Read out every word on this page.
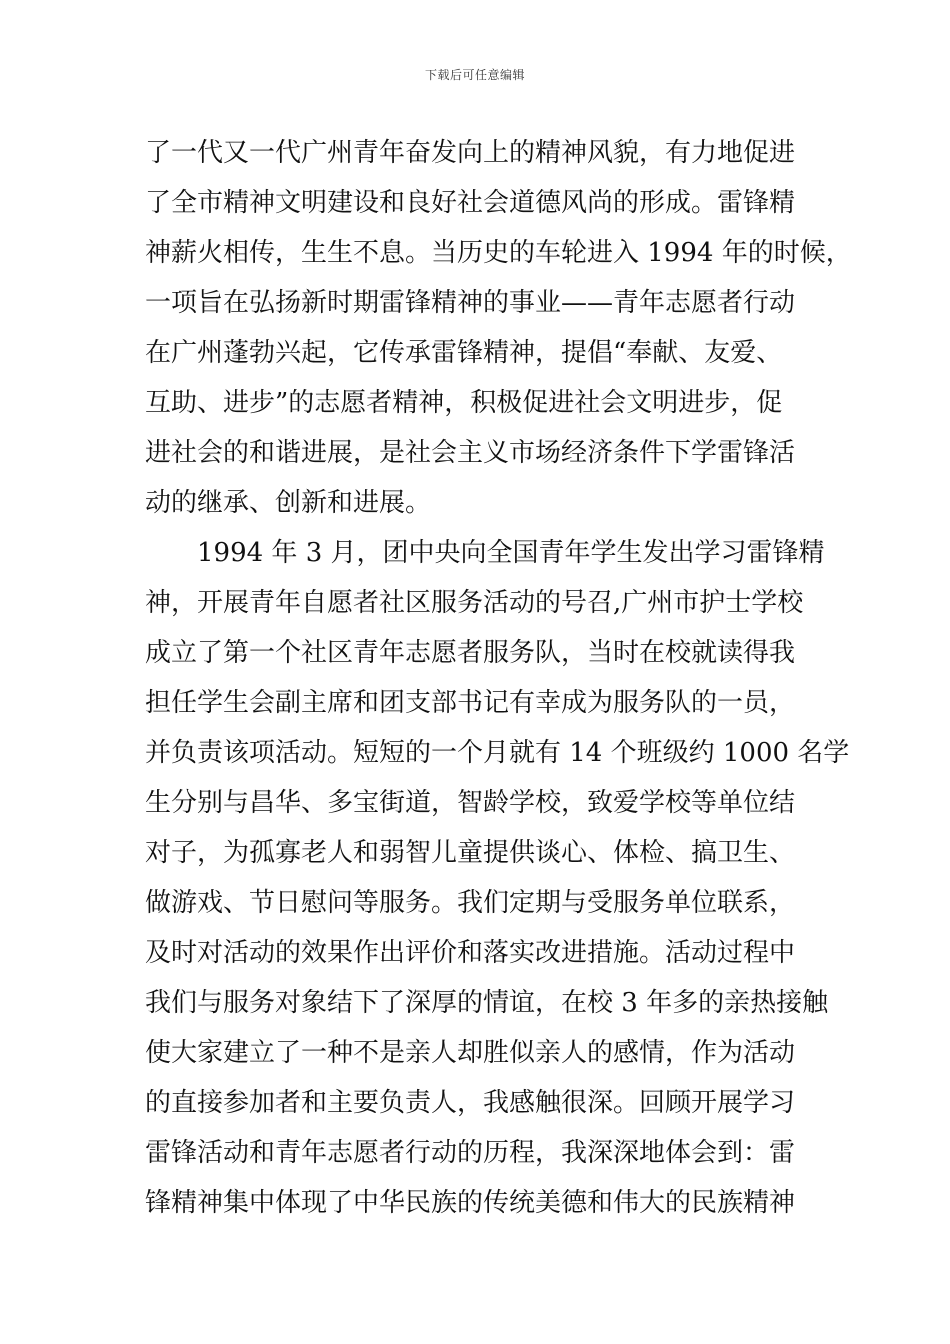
下载后可任意编辑
了一代又一代广州青年奋发向上的精神风貌，有力地促进
了全市精神文明建设和良好社会道德风尚的形成。雷锋精
神薪火相传，生生不息。当历史的车轮进入 1994 年的时候，
一项旨在弘扬新时期雷锋精神的事业——青年志愿者行动
在广州蓬勃兴起，它传承雷锋精神，提倡“奉献、友爱、
互助、进步”的志愿者精神，积极促进社会文明进步，促
进社会的和谐进展，是社会主义市场经济条件下学雷锋活
动的继承、创新和进展。
　　1994 年 3 月，团中央向全国青年学生发出学习雷锋精
神，开展青年自愿者社区服务活动的号召,广州市护士学校
成立了第一个社区青年志愿者服务队，当时在校就读得我
担任学生会副主席和团支部书记有幸成为服务队的一员，
并负责该项活动。短短的一个月就有 14 个班级约 1000 名学
生分别与昌华、多宝街道，智龄学校，致爱学校等单位结
对子，为孤寡老人和弱智儿童提供谈心、体检、搞卫生、
做游戏、节日慰问等服务。我们定期与受服务单位联系，
及时对活动的效果作出评价和落实改进措施。活动过程中
我们与服务对象结下了深厚的情谊，在校 3 年多的亲热接触
使大家建立了一种不是亲人却胜似亲人的感情，作为活动
的直接参加者和主要负责人，我感触很深。回顾开展学习
雷锋活动和青年志愿者行动的历程，我深深地体会到：雷
锋精神集中体现了中华民族的传统美德和伟大的民族精神
